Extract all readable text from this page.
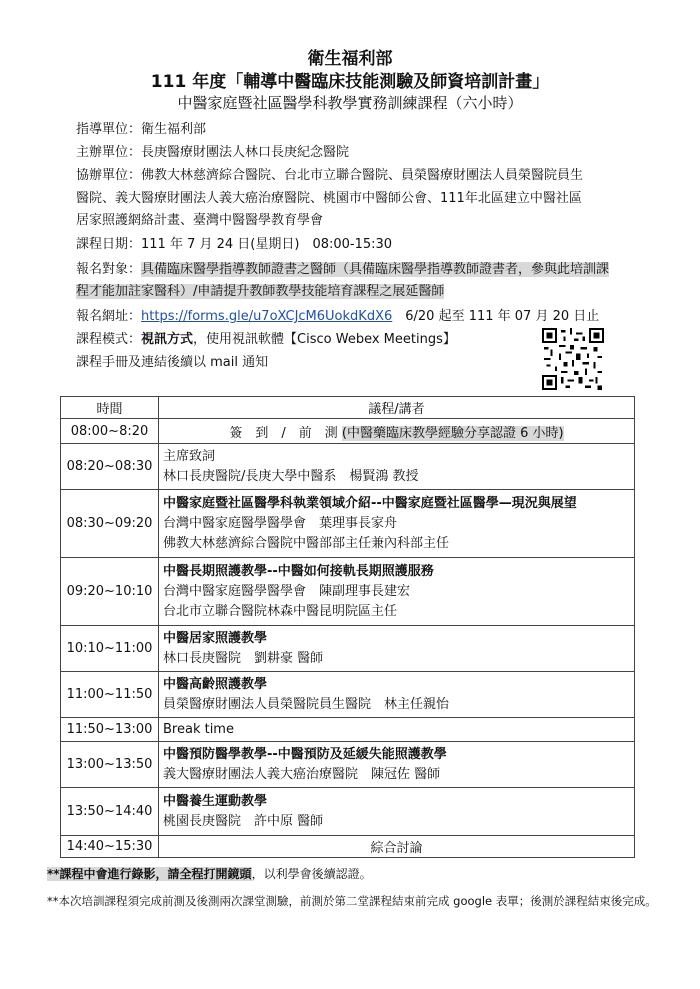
衛生福利部
111 年度「輔導中醫臨床技能測驗及師資培訓計畫」
中醫家庭暨社區醫學科教學實務訓練課程（六小時）
指導單位：衛生福利部
主辦單位：長庚醫療財團法人林口長庚紀念醫院
協辦單位：佛教大林慈濟綜合醫院、台北市立聯合醫院、員榮醫療財團法人員榮醫院員生
醫院、義大醫療財團法人義大癌治療醫院、桃園市中醫師公會、111年北區建立中醫社區
居家照護網絡計畫、臺灣中醫醫學教育學會
課程日期：111 年 7 月 24 日(星期日)　08:00-15:30
報名對象：具備臨床醫學指導教師證書之醫師（具備臨床醫學指導教師證書者，參與此培訓課
程才能加註家醫科）/申請提升教師教學技能培育課程之展延醫師
報名網址：https://forms.gle/u7oXCJcM6UokdKdX6　6/20 起至 111 年 07 月 20 日止
課程模式：視訊方式，使用視訊軟體【Cisco Webex Meetings】
課程手冊及連結後續以 mail 通知
時間	議程/講者
08:00~8:20	簽　到　/　前　測 (中醫藥臨床教學經驗分享認證 6 小時)
08:20~08:30	主席致詞
林口長庚醫院/長庚大學中醫系　楊賢鴻 教授

08:30~09:20	中醫家庭暨社區醫學科執業領域介紹--中醫家庭暨社區醫學—現況與展望
台灣中醫家庭醫學醫學會　葉理事長家舟
佛教大林慈濟綜合醫院中醫部部主任兼內科部主任

09:20~10:10	中醫長期照護教學--中醫如何接軌長期照護服務
台灣中醫家庭醫學醫學會　陳副理事長建宏
台北市立聯合醫院林森中醫昆明院區主任

10:10~11:00	中醫居家照護教學
林口長庚醫院　劉耕豪 醫師

11:00~11:50	中醫高齡照護教學
員榮醫療財團法人員榮醫院員生醫院　林主任親怡

11:50~13:00	Break time
13:00~13:50	中醫預防醫學教學--中醫預防及延緩失能照護教學
義大醫療財團法人義大癌治療醫院　陳冠佐 醫師

13:50~14:40	中醫養生運動教學
桃園長庚醫院　許中原 醫師

14:40~15:30	綜合討論
**課程中會進行錄影，請全程打開鏡頭，以利學會後續認證。
**本次培訓課程須完成前測及後測兩次課堂測驗，前測於第二堂課程結束前完成 google 表單；後測於課程結束後完成。
